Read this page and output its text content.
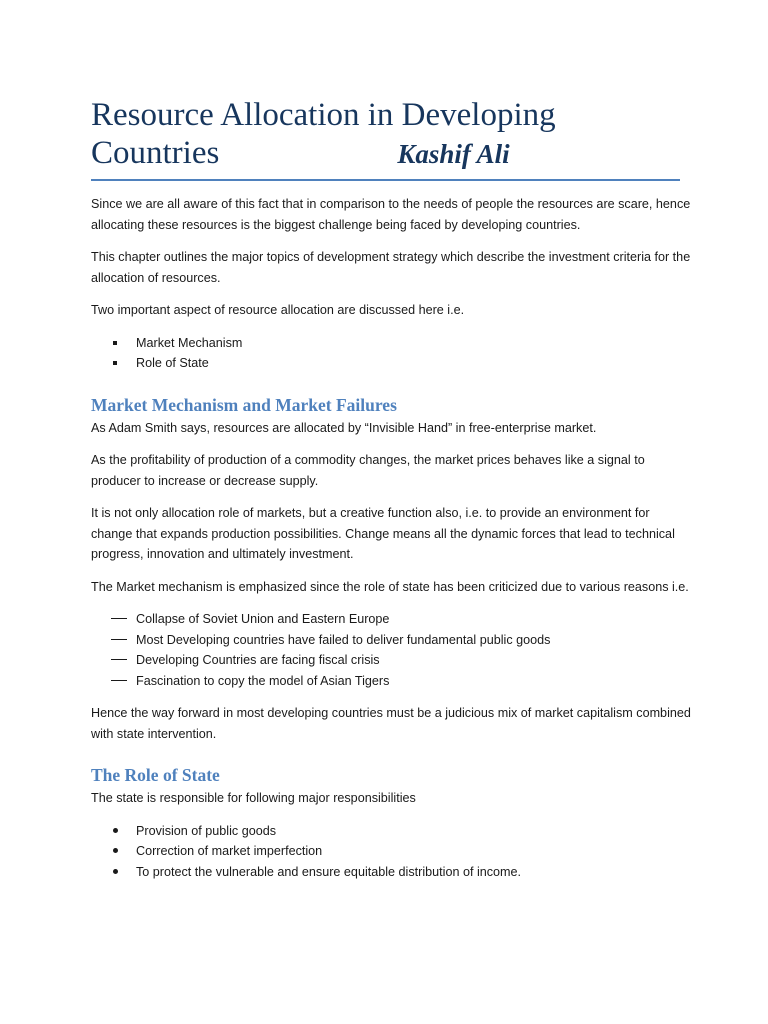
Resource Allocation in Developing
Countries	Kashif Ali

Since we are all aware of this fact that in comparison to the needs of people the resources are scare, hence allocating these resources is the biggest challenge being faced by developing countries.

This chapter outlines the major topics of development strategy which describe the investment criteria for the allocation of resources.

Two important aspect of resource allocation are discussed here i.e.

Market Mechanism
Role of State
Market Mechanism and Market Failures

As Adam Smith says, resources are allocated by “Invisible Hand” in free-enterprise market.

As the profitability of production of a commodity changes, the market prices behaves like a signal to producer to increase or decrease supply.

It is not only allocation role of markets, but a creative function also, i.e. to provide an environment for change that expands production possibilities. Change means all the dynamic forces that lead to technical progress, innovation and ultimately investment.

The Market mechanism is emphasized since the role of state has been criticized due to various reasons i.e.

Collapse of Soviet Union and Eastern Europe
Most Developing countries have failed to deliver fundamental public goods
Developing Countries are facing fiscal crisis
Fascination to copy the model of Asian Tigers

Hence the way forward in most developing countries must be a judicious mix of market capitalism combined with state intervention.

The Role of State

The state is responsible for following major responsibilities

Provision of public goods
Correction of market imperfection
To protect the vulnerable and ensure equitable distribution of income.
